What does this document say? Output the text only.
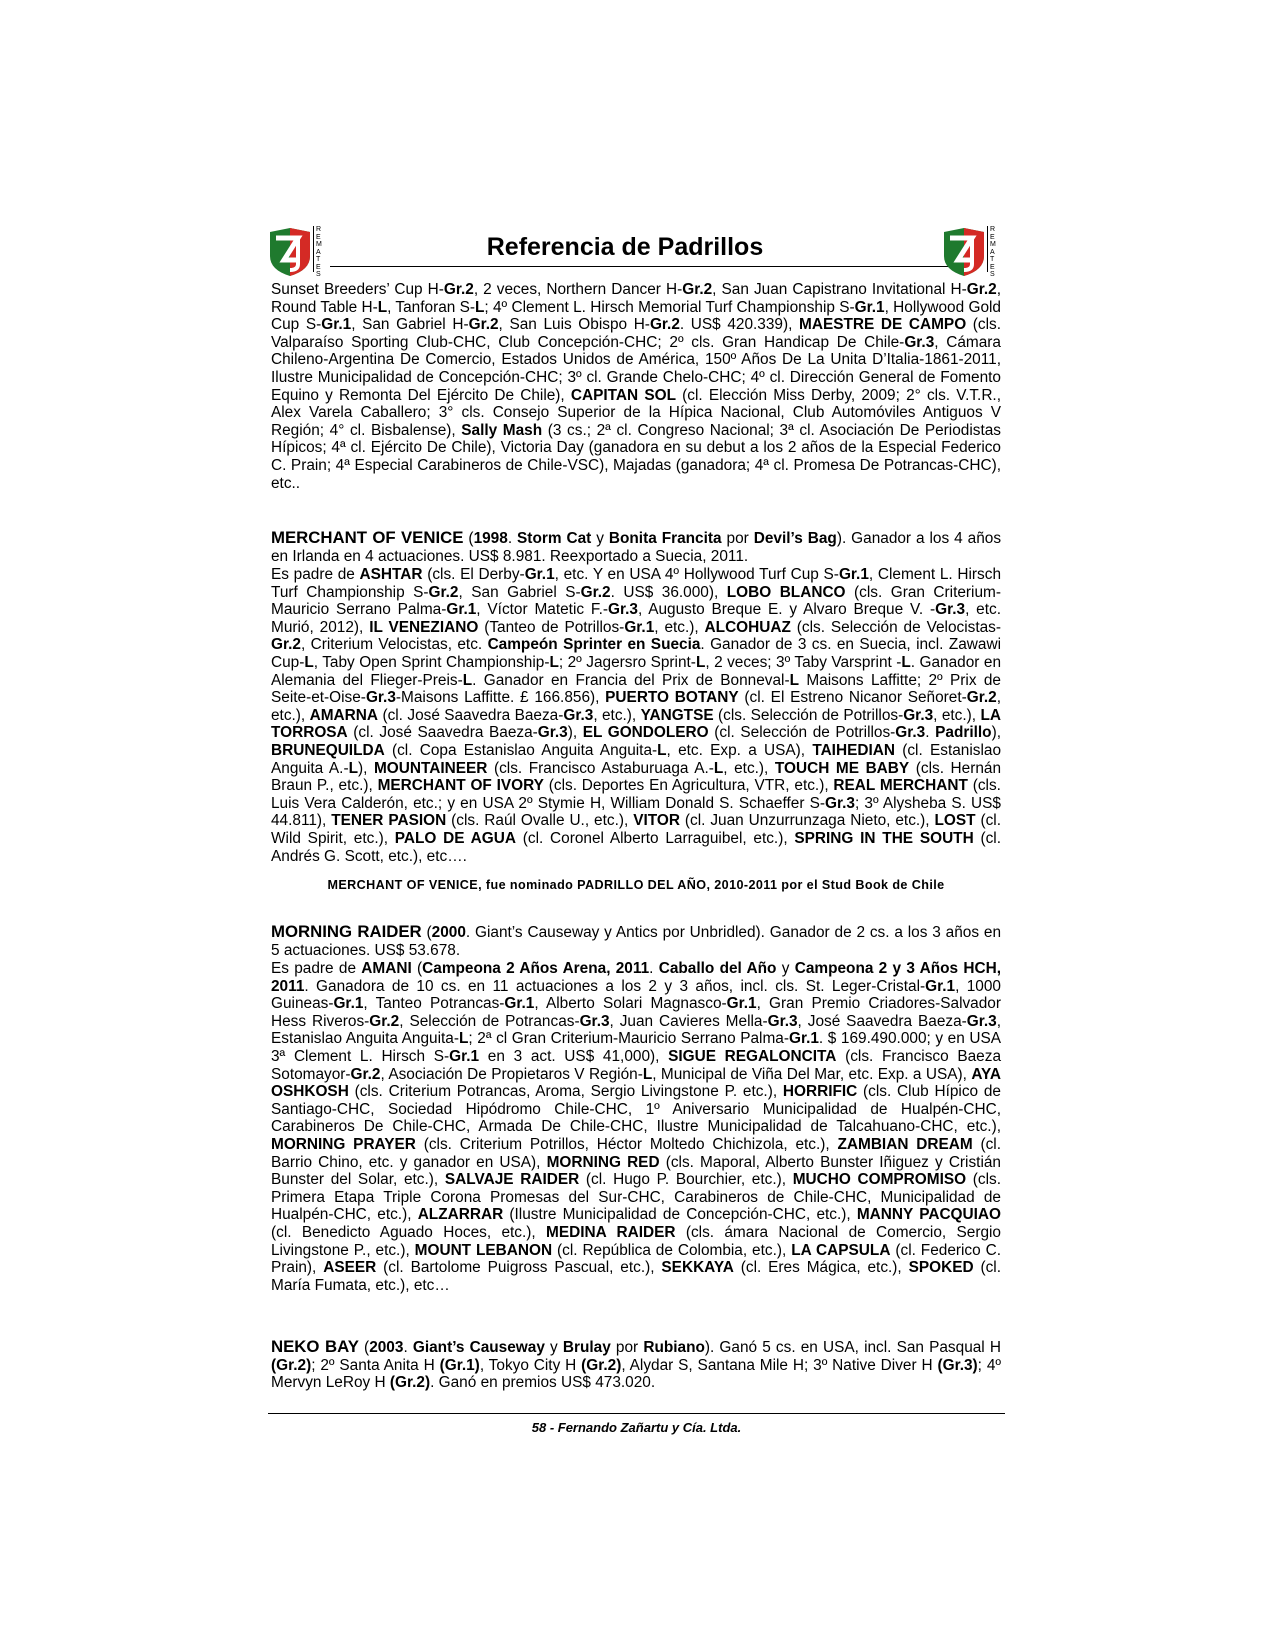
R
E
M
A
T
E
S
Referencia de Padrillos
R
E
M
A
T
E
S
Sunset Breeders’ Cup H-Gr.2, 2 veces, Northern Dancer H-Gr.2, San Juan Capistrano Invitational H-Gr.2, Round Table H-L, Tanforan S-L; 4º Clement L. Hirsch Memorial Turf Championship S-Gr.1, Hollywood Gold Cup S-Gr.1, San Gabriel H-Gr.2, San Luis Obispo H-Gr.2. US$ 420.339), MAESTRE DE CAMPO (cls. Valparaíso Sporting Club-CHC, Club Concepción-CHC; 2º cls. Gran Handicap De Chile-Gr.3, Cámara Chileno-Argentina De Comercio, Estados Unidos de América, 150º Años De La Unita D’Italia-1861-2011, Ilustre Municipalidad de Concepción-CHC; 3º cl. Grande Chelo-CHC; 4º cl. Dirección General de Fomento Equino y Remonta Del Ejército De Chile), CAPITAN SOL (cl. Elección Miss Derby, 2009; 2° cls. V.T.R., Alex Varela Caballero; 3° cls. Consejo Superior de la Hípica Nacional, Club Automóviles Antiguos V Región; 4° cl. Bisbalense), Sally Mash (3 cs.; 2ª cl. Congreso Nacional; 3ª cl. Asociación De Periodistas Hípicos; 4ª cl. Ejército De Chile), Victoria Day (ganadora en su debut a los 2 años de la Especial Federico C. Prain; 4ª Especial Carabineros de Chile-VSC), Majadas (ganadora; 4ª cl. Promesa De Potrancas-CHC), etc..
MERCHANT OF VENICE (1998. Storm Cat y Bonita Francita por Devil’s Bag). Ganador a los 4 años en Irlanda en 4 actuaciones. US$ 8.981. Reexportado a Suecia, 2011.
Es padre de ASHTAR (cls. El Derby-Gr.1, etc. Y en USA 4º Hollywood Turf Cup S-Gr.1, Clement L. Hirsch Turf Championship S-Gr.2, San Gabriel S-Gr.2. US$ 36.000), LOBO BLANCO (cls. Gran Criterium-Mauricio Serrano Palma-Gr.1, Víctor Matetic F.-Gr.3, Augusto Breque E. y Alvaro Breque V. -Gr.3, etc. Murió, 2012), IL VENEZIANO (Tanteo de Potrillos-Gr.1, etc.), ALCOHUAZ (cls. Selección de Velocistas-Gr.2, Criterium Velocistas, etc. Campeón Sprinter en Suecia. Ganador de 3 cs. en Suecia, incl. Zawawi Cup-L, Taby Open Sprint Championship-L; 2º Jagersro Sprint-L, 2 veces; 3º Taby Varsprint -L. Ganador en Alemania del Flieger-Preis-L. Ganador en Francia del Prix de Bonneval-L Maisons Laffitte; 2º Prix de Seite-et-Oise-Gr.3-Maisons Laffitte. £ 166.856), PUERTO BOTANY (cl. El Estreno Nicanor Señoret-Gr.2, etc.), AMARNA (cl. José Saavedra Baeza-Gr.3, etc.), YANGTSE (cls. Selección de Potrillos-Gr.3, etc.), LA TORROSA (cl. José Saavedra Baeza-Gr.3), EL GONDOLERO (cl. Selección de Potrillos-Gr.3. Padrillo), BRUNEQUILDA (cl. Copa Estanislao Anguita Anguita-L, etc. Exp. a USA), TAIHEDIAN (cl. Estanislao Anguita A.-L), MOUNTAINEER (cls. Francisco Astaburuaga A.-L, etc.), TOUCH ME BABY (cls. Hernán Braun P., etc.), MERCHANT OF IVORY (cls. Deportes En Agricultura, VTR, etc.), REAL MERCHANT (cls. Luis Vera Calderón, etc.; y en USA 2º Stymie H, William Donald S. Schaeffer S-Gr.3; 3º Alysheba S. US$ 44.811), TENER PASION (cls. Raúl Ovalle U., etc.), VITOR (cl. Juan Unzurrunzaga Nieto, etc.), LOST (cl. Wild Spirit, etc.), PALO DE AGUA (cl. Coronel Alberto Larraguibel, etc.), SPRING IN THE SOUTH (cl. Andrés G. Scott, etc.), etc….
MERCHANT OF VENICE, fue nominado PADRILLO DEL AÑO, 2010-2011 por el Stud Book de Chile
MORNING RAIDER (2000. Giant’s Causeway y Antics por Unbridled). Ganador de 2 cs. a los 3 años en 5 actuaciones. US$ 53.678.
Es padre de AMANI (Campeona 2 Años Arena, 2011. Caballo del Año y Campeona 2 y 3 Años HCH, 2011. Ganadora de 10 cs. en 11 actuaciones a los 2 y 3 años, incl. cls. St. Leger-Cristal-Gr.1, 1000 Guineas-Gr.1, Tanteo Potrancas-Gr.1, Alberto Solari Magnasco-Gr.1, Gran Premio Criadores-Salvador Hess Riveros-Gr.2, Selección de Potrancas-Gr.3, Juan Cavieres Mella-Gr.3, José Saavedra Baeza-Gr.3, Estanislao Anguita Anguita-L; 2ª cl Gran Criterium-Mauricio Serrano Palma-Gr.1. $ 169.490.000; y en USA 3ª Clement L. Hirsch S-Gr.1 en 3 act. US$ 41,000), SIGUE REGALONCITA (cls. Francisco Baeza Sotomayor-Gr.2, Asociación De Propietaros V Región-L, Municipal de Viña Del Mar, etc. Exp. a USA), AYA OSHKOSH (cls. Criterium Potrancas, Aroma, Sergio Livingstone P. etc.), HORRIFIC (cls. Club Hípico de Santiago-CHC, Sociedad Hipódromo Chile-CHC, 1º Aniversario Municipalidad de Hualpén-CHC, Carabineros De Chile-CHC, Armada De Chile-CHC, Ilustre Municipalidad de Talcahuano-CHC, etc.), MORNING PRAYER (cls. Criterium Potrillos, Héctor Moltedo Chichizola, etc.), ZAMBIAN DREAM (cl. Barrio Chino, etc. y ganador en USA), MORNING RED (cls. Maporal, Alberto Bunster Iñiguez y Cristián Bunster del Solar, etc.), SALVAJE RAIDER (cl. Hugo P. Bourchier, etc.), MUCHO COMPROMISO (cls. Primera Etapa Triple Corona Promesas del Sur-CHC, Carabineros de Chile-CHC, Municipalidad de Hualpén-CHC, etc.), ALZARRAR (Ilustre Municipalidad de Concepción-CHC, etc.), MANNY PACQUIAO (cl. Benedicto Aguado Hoces, etc.), MEDINA RAIDER (cls. ámara Nacional de Comercio, Sergio Livingstone P., etc.), MOUNT LEBANON (cl. República de Colombia, etc.), LA CAPSULA (cl. Federico C. Prain), ASEER (cl. Bartolome Puigross Pascual, etc.), SEKKAYA (cl. Eres Mágica, etc.), SPOKED (cl. María Fumata, etc.), etc…
NEKO BAY (2003. Giant’s Causeway y Brulay por Rubiano). Ganó 5 cs. en USA, incl. San Pasqual H (Gr.2); 2º Santa Anita H (Gr.1), Tokyo City H (Gr.2), Alydar S, Santana Mile H; 3º Native Diver H (Gr.3); 4º Mervyn LeRoy H (Gr.2). Ganó en premios US$ 473.020.
58 - Fernando Zañartu y Cía. Ltda.
